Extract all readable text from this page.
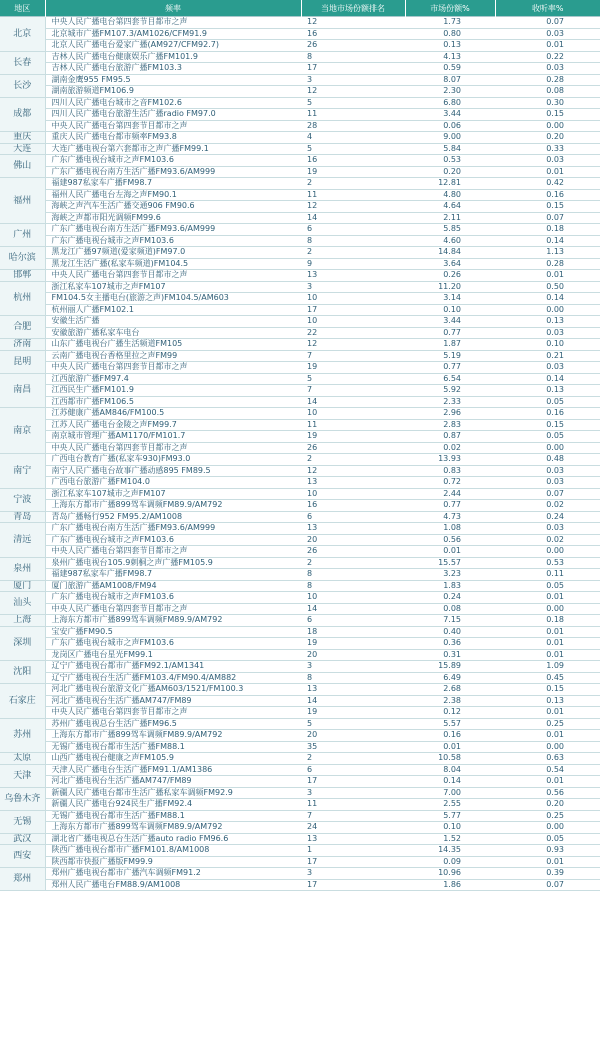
地区	频率	当地市场份额排名	市场份额%	收听率%
北京	中央人民广播电台第四套节目都市之声	12	1.73	0.07
	北京城市广播FM107.3/AM1026/CFM91.9	16	0.80	0.03
	北京人民广播电台爱家广播(AM927/CFM92.7)	26	0.13	0.01
长春	吉林人民广播电台健康娱乐广播FM101.9	8	4.13	0.22
	吉林人民广播电台旅游广播FM103.3	17	0.59	0.03
长沙	湖南金鹰955 FM95.5	3	8.07	0.28
	湖南旅游频道FM106.9	12	2.30	0.08
成都	四川人民广播电台城市之音FM102.6	5	6.80	0.30
	四川人民广播电台旅游生活广播radio FM97.0	11	3.44	0.15
	中央人民广播电台第四套节目都市之声	28	0.06	0.00
重庆	重庆人民广播电台都市频率FM93.8	4	9.00	0.20
大连	大连广播电视台第六套都市之声广播FM99.1	5	5.84	0.33
佛山	广东广播电视台城市之声FM103.6	16	0.53	0.03
	广东广播电视台南方生活广播FM93.6/AM999	19	0.20	0.01
福州	福建987私家车广播FM98.7	2	12.81	0.42
	福州人民广播电台左海之声FM90.1	11	4.80	0.16
	海峡之声汽车生活广播交通906 FM90.6	12	4.64	0.15
	海峡之声都市阳光调频FM99.6	14	2.11	0.07
广州	广东广播电视台南方生活广播FM93.6/AM999	6	5.85	0.18
	广东广播电视台城市之声FM103.6	8	4.60	0.14
哈尔滨	黑龙江广播97频道(爱家频道)FM97.0	2	14.84	1.13
	黑龙江生活广播(私家车频道)FM104.5	9	3.64	0.28
邯郸	中央人民广播电台第四套节目都市之声	13	0.26	0.01
杭州	浙江私家车107城市之声FM107	3	11.20	0.50
	FM104.5女主播电台(旅游之声)FM104.5/AM603	10	3.14	0.14
	杭州丽人广播FM102.1	17	0.10	0.00
合肥	安徽生活广播	10	3.44	0.13
	安徽旅游广播私家车电台	22	0.77	0.03
济南	山东广播电视台广播生活频道FM105	12	1.87	0.10
昆明	云南广播电视台香格里拉之声FM99	7	5.19	0.21
	中央人民广播电台第四套节目都市之声	19	0.77	0.03
南昌	江西旅游广播FM97.4	5	6.54	0.14
	江西民生广播FM101.9	7	5.92	0.13
	江西都市广播FM106.5	14	2.33	0.05
南京	江苏健康广播AM846/FM100.5	10	2.96	0.16
	江苏人民广播电台金陵之声FM99.7	11	2.83	0.15
	南京城市管理广播AM1170/FM101.7	19	0.87	0.05
	中央人民广播电台第四套节目都市之声	26	0.02	0.00
南宁	广西电台教育广播(私家车930)FM93.0	2	13.93	0.48
	南宁人民广播电台故事广播动感895 FM89.5	12	0.83	0.03
	广西电台旅游广播FM104.0	13	0.72	0.03
宁波	浙江私家车107城市之声FM107	10	2.44	0.07
	上海东方都市广播899驾车调频FM89.9/AM792	16	0.77	0.02
青岛	青岛广播畅行952 FM95.2/AM1008	6	4.73	0.24
清远	广东广播电视台南方生活广播FM93.6/AM999	13	1.08	0.03
	广东广播电视台城市之声FM103.6	20	0.56	0.02
	中央人民广播电台第四套节目都市之声	26	0.01	0.00
泉州	泉州广播电视台105.9刺桐之声广播FM105.9	2	15.57	0.53
	福建987私家车广播FM98.7	8	3.23	0.11
厦门	厦门旅游广播AM1008/FM94	8	1.83	0.05
汕头	广东广播电视台城市之声FM103.6	10	0.24	0.01
	中央人民广播电台第四套节目都市之声	14	0.08	0.00
上海	上海东方都市广播899驾车调频FM89.9/AM792	6	7.15	0.18
深圳	宝安广播FM90.5	18	0.40	0.01
	广东广播电视台城市之声FM103.6	19	0.36	0.01
	龙岗区广播电台星光FM99.1	20	0.31	0.01
沈阳	辽宁广播电视台都市广播FM92.1/AM1341	3	15.89	1.09
	辽宁广播电视台生活广播FM103.4/FM90.4/AM882	8	6.49	0.45
石家庄	河北广播电视台旅游文化广播AM603/1521/FM100.3	13	2.68	0.15
	河北广播电视台生活广播AM747/FM89	14	2.38	0.13
	中央人民广播电台第四套节目都市之声	19	0.12	0.01
苏州	苏州广播电视总台生活广播FM96.5	5	5.57	0.25
	上海东方都市广播899驾车调频FM89.9/AM792	20	0.16	0.01
	无锡广播电视台都市生活广播FM88.1	35	0.01	0.00
太原	山西广播电视台健康之声FM105.9	2	10.58	0.63
天津	天津人民广播电台生活广播FM91.1/AM1386	6	8.04	0.54
	河北广播电视台生活广播AM747/FM89	17	0.14	0.01
乌鲁木齐	新疆人民广播电台都市生活广播私家车调频FM92.9	3	7.00	0.56
	新疆人民广播电台924民生广播FM92.4	11	2.55	0.20
无锡	无锡广播电视台都市生活广播FM88.1	7	5.77	0.25
	上海东方都市广播899驾车调频FM89.9/AM792	24	0.10	0.00
武汉	湖北省广播电视总台生活广播auto radio FM96.6	13	1.52	0.05
西安	陕西广播电视台都市广播FM101.8/AM1008	1	14.35	0.93
	陕西都市快报广播版FM99.9	17	0.09	0.01
郑州	郑州广播电视台都市广播汽车调频FM91.2	3	10.96	0.39
	郑州人民广播电台FM88.9/AM1008	17	1.86	0.07
